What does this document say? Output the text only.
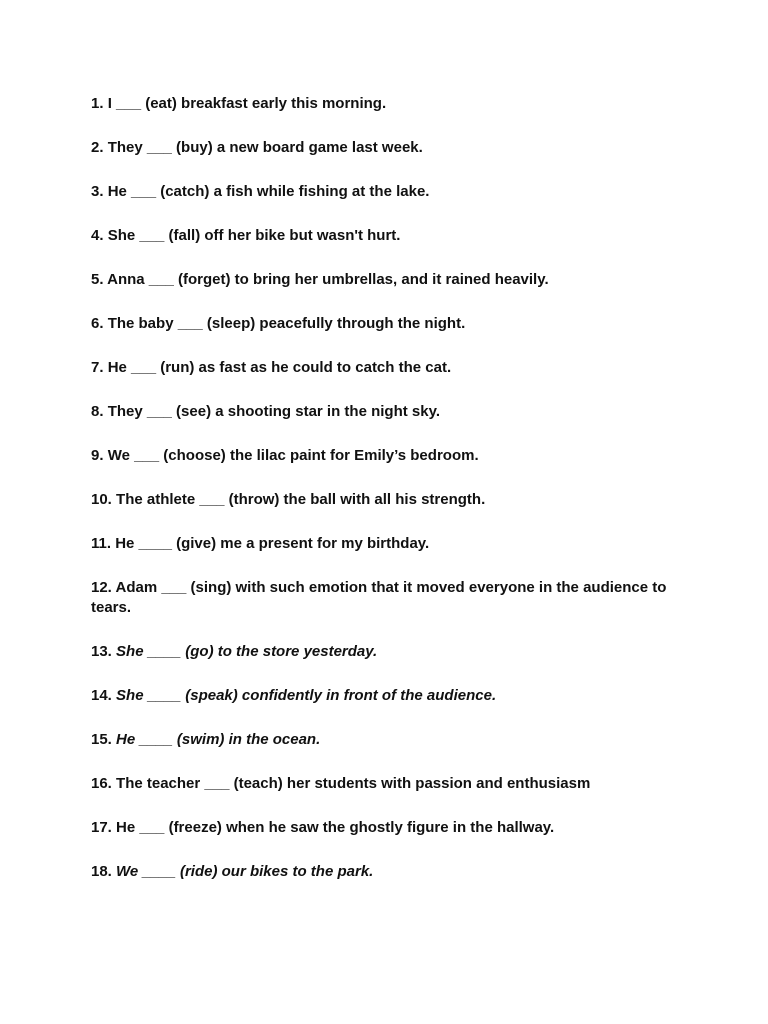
1. I ___ (eat) breakfast early this morning.
2. They ___ (buy) a new board game last week.
3. He ___ (catch) a fish while fishing at the lake.
4. She ___ (fall) off her bike but wasn't hurt.
5. Anna ___ (forget) to bring her umbrellas, and it rained heavily.
6. The baby ___ (sleep) peacefully through the night.
7. He ___ (run) as fast as he could to catch the cat.
8. They ___ (see) a shooting star in the night sky.
9. We ___ (choose) the lilac paint for Emily’s bedroom.
10. The athlete ___ (throw) the ball with all his strength.
11. He ____ (give) me a present for my birthday.
12. Adam ___ (sing) with such emotion that it moved everyone in the audience to tears.
13. She ____ (go) to the store yesterday.
14. She ____ (speak) confidently in front of the audience.
15. He ____ (swim) in the ocean.
16. The teacher ___ (teach) her students with passion and enthusiasm
17. He ___ (freeze) when he saw the ghostly figure in the hallway.
18. We ____ (ride) our bikes to the park.
